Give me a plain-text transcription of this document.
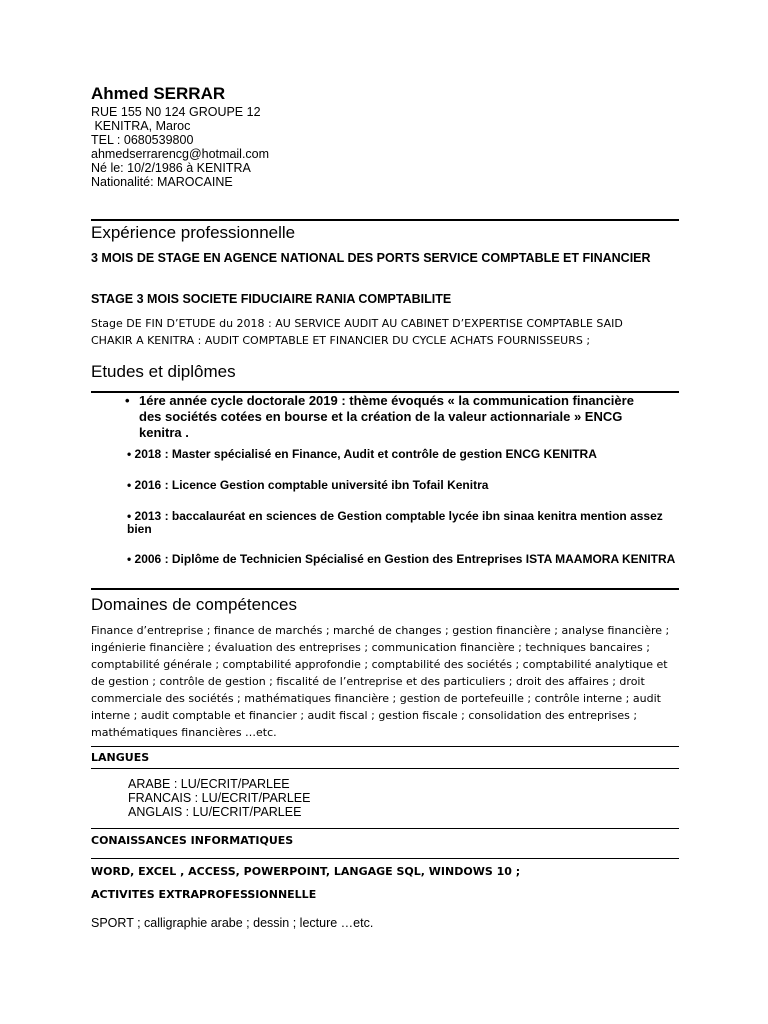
Ahmed SERRAR
RUE 155 N0 124 GROUPE 12
KENITRA, Maroc
TEL : 0680539800
ahmedserrarencg@hotmail.com
Né le: 10/2/1986 à KENITRA
Nationalité: MAROCAINE
Expérience professionnelle
3 MOIS DE STAGE EN AGENCE NATIONAL DES PORTS SERVICE COMPTABLE ET FINANCIER
STAGE 3 MOIS SOCIETE FIDUCIAIRE RANIA COMPTABILITE
Stage DE FIN D’ETUDE du 2018 : AU SERVICE AUDIT AU CABINET D’EXPERTISE COMPTABLE SAID CHAKIR A KENITRA : AUDIT COMPTABLE ET FINANCIER DU CYCLE ACHATS FOURNISSEURS ;
Etudes et diplômes
• 1ére année cycle doctorale 2019 : thème évoqués « la communication financière des sociétés cotées en bourse et la création de la valeur actionnariale » ENCG kenitra .
• 2018 : Master spécialisé en Finance, Audit et contrôle de gestion ENCG KENITRA
• 2016 : Licence Gestion comptable université ibn Tofail Kenitra
• 2013 : baccalauréat en sciences de Gestion comptable lycée ibn sinaa kenitra mention assez bien
• 2006 : Diplôme de Technicien Spécialisé en Gestion des Entreprises ISTA MAAMORA KENITRA
Domaines de compétences
Finance d’entreprise ; finance de marchés ; marché de changes ; gestion financière ; analyse financière ; ingénierie financière ; évaluation des entreprises ; communication financière ; techniques bancaires ; comptabilité générale ; comptabilité approfondie ; comptabilité des sociétés ; comptabilité analytique et de gestion ; contrôle de gestion ; fiscalité de l’entreprise et des particuliers ; droit des affaires ; droit commerciale des sociétés ; mathématiques financière ; gestion de portefeuille ; contrôle interne ; audit interne ; audit comptable et financier ; audit fiscal ; gestion fiscale ; consolidation des entreprises ; mathématiques financières …etc.
LANGUES
ARABE : LU/ECRIT/PARLEE
FRANCAIS : LU/ECRIT/PARLEE
ANGLAIS : LU/ECRIT/PARLEE
CONAISSANCES INFORMATIQUES
WORD, EXCEL , ACCESS, POWERPOINT, LANGAGE SQL, WINDOWS 10 ;
ACTIVITES EXTRAPROFESSIONNELLE
SPORT ; calligraphie arabe ; dessin ; lecture …etc.
